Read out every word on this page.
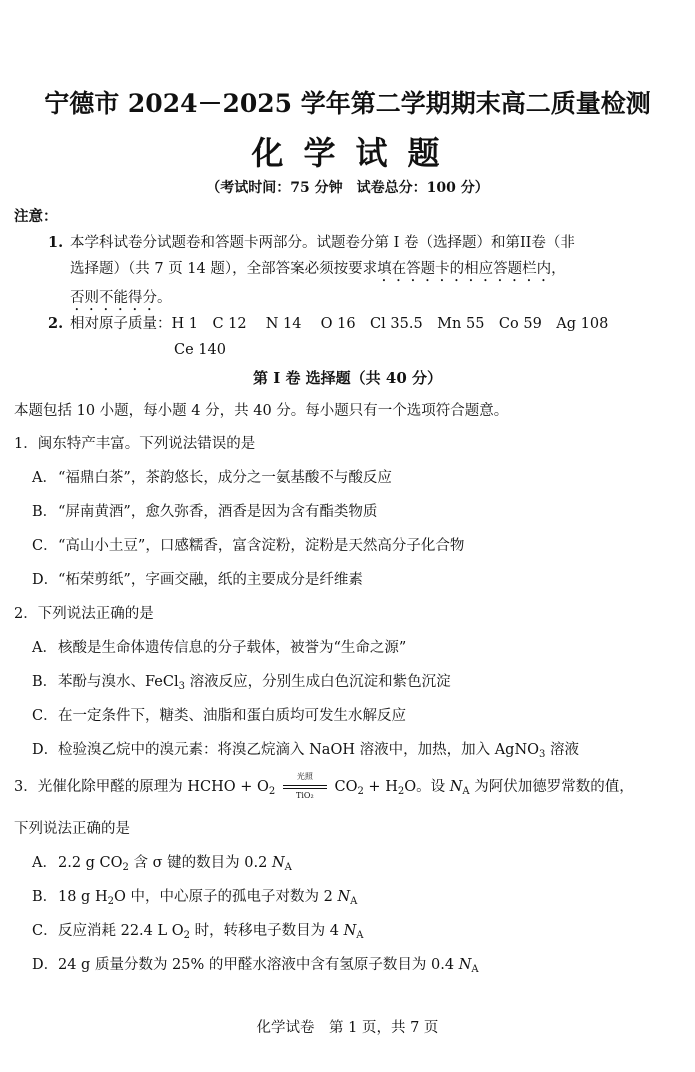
宁德市 2024－2025 学年第二学期期末高二质量检测
化学试题
（考试时间：75 分钟　试卷总分：100 分）
注意：
1. 本学科试卷分试题卷和答题卡两部分。试题卷分第 I 卷（选择题）和第II卷（非
选择题）（共 7 页 14 题），全部答案必须按要求填在答题卡的相应答题栏内，
否则不能得分。
2. 相对原子质量：H 1　C 12　 N 14　 O 16　Cl 35.5　Mn 55　Co 59　Ag 108
Ce 140
第 I 卷 选择题（共 40 分）
本题包括 10 小题，每小题 4 分，共 40 分。每小题只有一个选项符合题意。
1．闽东特产丰富。下列说法错误的是
A．“福鼎白茶”，茶韵悠长，成分之一氨基酸不与酸反应
B．“屏南黄酒”，愈久弥香，酒香是因为含有酯类物质
C．“高山小土豆”，口感糯香，富含淀粉，淀粉是天然高分子化合物
D．“柘荣剪纸”，字画交融，纸的主要成分是纤维素
2．下列说法正确的是
A．核酸是生命体遗传信息的分子载体，被誉为“生命之源”
B．苯酚与溴水、FeCl$_3$ 溶液反应，分别生成白色沉淀和紫色沉淀
C．在一定条件下，糖类、油脂和蛋白质均可发生水解反应
D．检验溴乙烷中的溴元素：将溴乙烷滴入 NaOH 溶液中，加热，加入 AgNO$_3$ 溶液
3．光催化除甲醛的原理为 HCHO + $O_2$
光照
TiO₂
$CO_2 + H_2O$。设 $N_A$ 为阿伏加德罗常数的值，
下列说法正确的是
A．2.2 g $CO_2$ 含 σ 键的数目为 0.2 $N_A$
B．18 g $H_2O$ 中，中心原子的孤电子对数为 2 $N_A$
C．反应消耗 22.4 L $O_2$ 时，转移电子数目为 4 $N_A$
D．24 g 质量分数为 25% 的甲醛水溶液中含有氢原子数目为 0.4 $N_A$
化学试卷　第 1 页，共 7 页
